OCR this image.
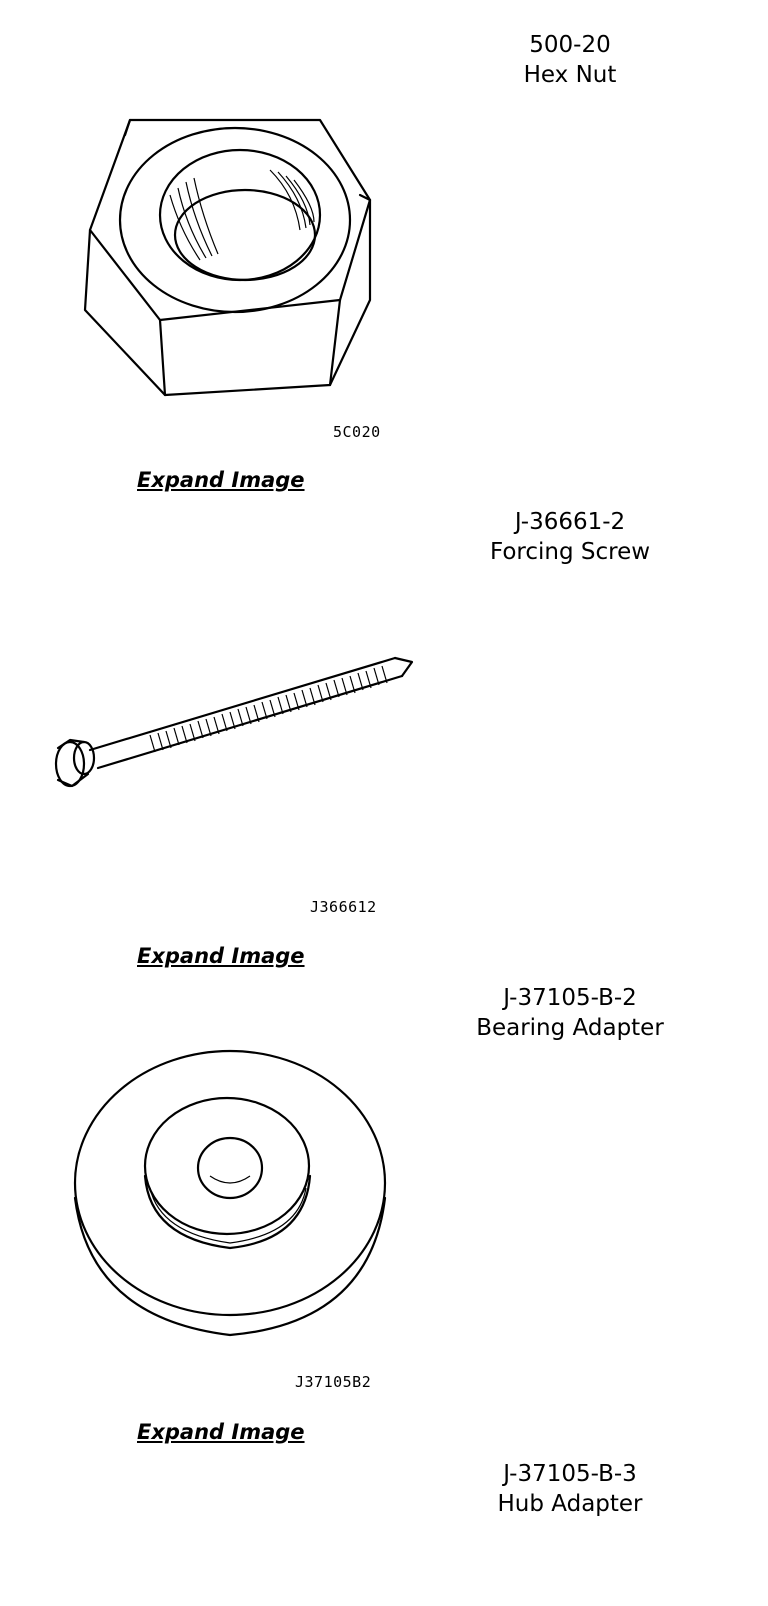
500-20
Hex Nut
5C020
Expand Image
J-36661-2
Forcing Screw
J366612
Expand Image
J-37105-B-2
Bearing Adapter
J37105B2
Expand Image
J-37105-B-3
Hub Adapter
